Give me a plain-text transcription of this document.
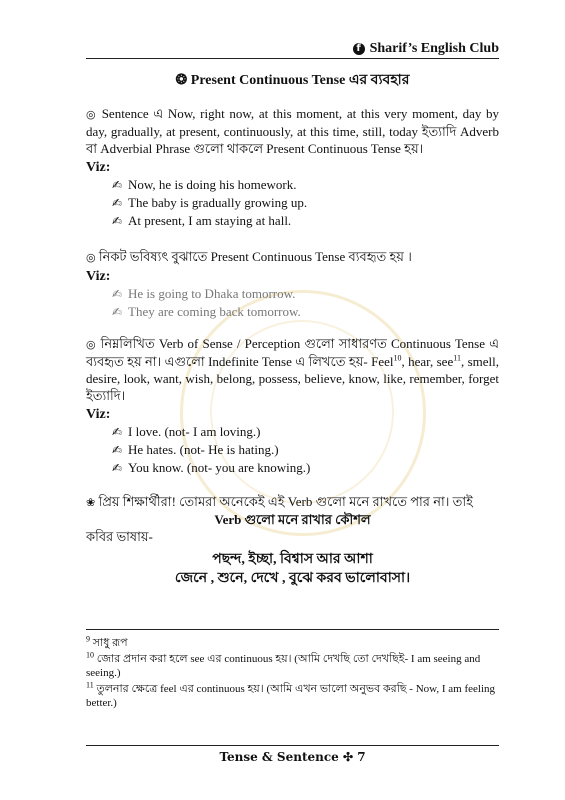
f Sharif’s English Club
❂ Present Continuous Tense এর ব্যবহার

◎ Sentence এ Now, right now, at this moment, at this very moment, day by day, gradually, at present, continuously, at this time, still, today ইত্যাদি Adverb বা Adverbial Phrase গুলো থাকলে Present Continuous Tense হয়।

Viz:
✍ Now, he is doing his homework.
✍ The baby is gradually growing up.
✍ At present, I am staying at hall.

◎ নিকট ভবিষ্যৎ বুঝাতে Present Continuous Tense ব্যবহৃত হয় ।

Viz:
✍ He is going to Dhaka tomorrow.
✍ They are coming back tomorrow.

◎ নিম্নলিখিত Verb of Sense / Perception গুলো সাধারণত Continuous Tense এ ব্যবহৃত হয় না। এগুলো Indefinite Tense এ লিখতে হয়- Feel$^{10}$, hear, see$^{11}$, smell, desire, look, want, wish, belong, possess, believe, know, like, remember, forget ইত্যাদি।

Viz:
✍ I love. (not- I am loving.)
✍ He hates. (not- He is hating.)
✍ You know. (not- you are knowing.)
❀ প্রিয় শিক্ষার্থীরা! তোমরা অনেকেই এই Verb গুলো মনে রাখতে পার না। তাই
Verb গুলো মনে রাখার কৌশল
কবির ভাষায়-
পছন্দ, ইচ্ছা, বিশ্বাস আর আশা
জেনে , শুনে, দেখে , বুঝে করব ভালোবাসা।

$^9$ সাধু রূপ

$^{10}$ জোর প্রদান করা হলে see এর continuous হয়। (আমি দেখছি তো দেখছিই- I am seeing and seeing.)

$^{11}$ তুলনার ক্ষেত্রে feel এর continuous হয়। (আমি এখন ভালো অনুভব করছি - Now, I am feeling better.)

Tense & Sentence ✣ 7
